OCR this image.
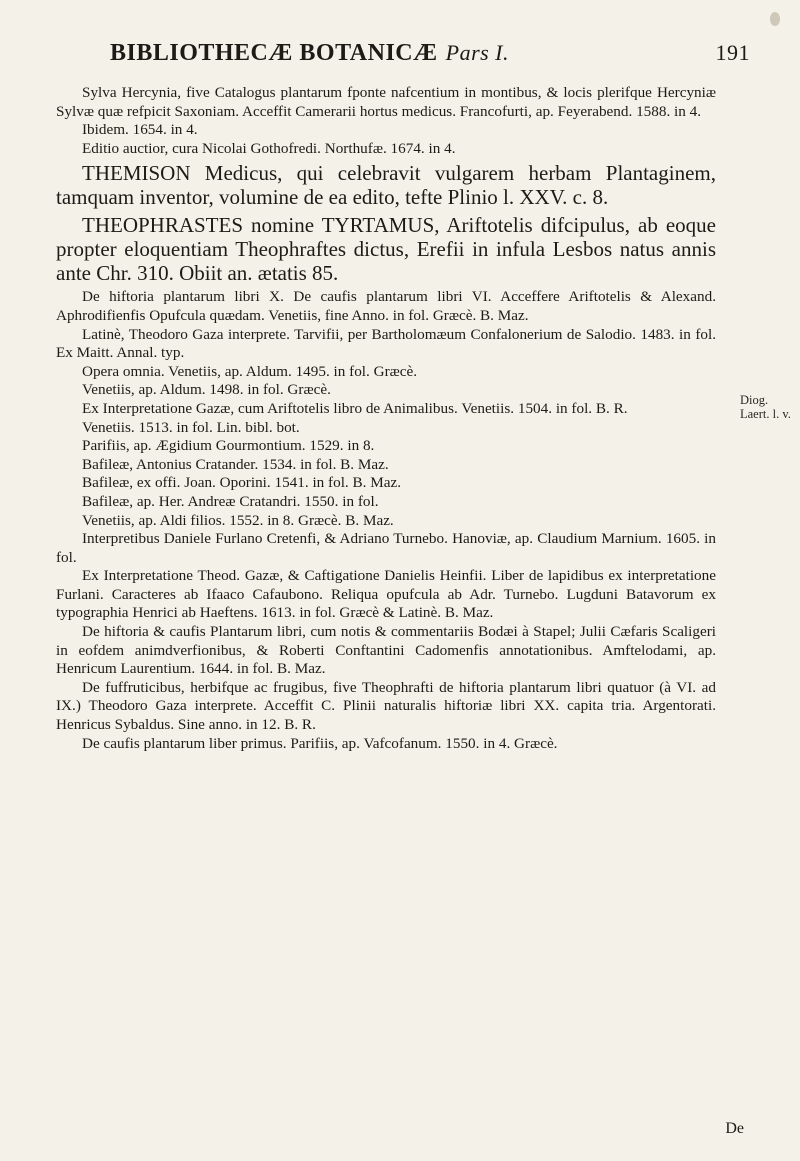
BIBLIOTHECÆ BOTANICÆ Pars I.	191

Sylva Hercynia, five Catalogus plantarum fponte nafcentium in montibus, & locis plerifque Hercyniæ Sylvæ quæ refpicit Saxoniam. Acceffit Camerarii hortus medicus. Francofurti, ap. Feyerabend. 1588. in 4.

Ibidem. 1654. in 4.

Editio auctior, cura Nicolai Gothofredi. Northufæ. 1674. in 4.

THEMISON Medicus, qui celebravit vulgarem herbam Plantaginem, tamquam inventor, volumine de ea edito, tefte Plinio l. XXV. c. 8.

THEOPHRASTES nomine TYRTAMUS, Ariftotelis difcipulus, ab eoque propter eloquentiam Theophraftes dictus, Erefii in infula Lesbos natus annis ante Chr. 310. Obiit an. ætatis 85.

De hiftoria plantarum libri X. De caufis plantarum libri VI. Acceffere Ariftotelis & Alexand. Aphrodifienfis Opufcula quædam. Venetiis, fine Anno. in fol. Græcè. B. Maz.

Latinè, Theodoro Gaza interprete. Tarvifii, per Bartholomæum Confalonerium de Salodio. 1483. in fol. Ex Maitt. Annal. typ.

Opera omnia. Venetiis, ap. Aldum. 1495. in fol. Græcè.

Venetiis, ap. Aldum. 1498. in fol. Græcè.

Ex Interpretatione Gazæ, cum Ariftotelis libro de Animalibus. Venetiis. 1504. in fol. B. R.

Venetiis. 1513. in fol. Lin. bibl. bot.

Parifiis, ap. Ægidium Gourmontium. 1529. in 8.

Bafileæ, Antonius Cratander. 1534. in fol. B. Maz.

Bafileæ, ex offi. Joan. Oporini. 1541. in fol. B. Maz.

Bafileæ, ap. Her. Andreæ Cratandri. 1550. in fol.

Venetiis, ap. Aldi filios. 1552. in 8. Græcè. B. Maz.

Interpretibus Daniele Furlano Cretenfi, & Adriano Turnebo. Hanoviæ, ap. Claudium Marnium. 1605. in fol.

Ex Interpretatione Theod. Gazæ, & Caftigatione Danielis Heinfii. Liber de lapidibus ex interpretatione Furlani. Caracteres ab Ifaaco Cafaubono. Reliqua opufcula ab Adr. Turnebo. Lugduni Batavorum ex typographia Henrici ab Haeftens. 1613. in fol. Græcè & Latinè. B. Maz.

De hiftoria & caufis Plantarum libri, cum notis & commentariis Bodæi à Stapel; Julii Cæfaris Scaligeri in eofdem animdverfionibus, & Roberti Conftantini Cadomenfis annotationibus. Amftelodami, ap. Henricum Laurentium. 1644. in fol. B. Maz.

De fuffruticibus, herbifque ac frugibus, five Theophrafti de hiftoria plantarum libri quatuor (à VI. ad IX.) Theodoro Gaza interprete. Acceffit C. Plinii naturalis hiftoriæ libri XX. capita tria. Argentorati. Henricus Sybaldus. Sine anno. in 12. B. R.

De caufis plantarum liber primus. Parifiis, ap. Vafcofanum. 1550. in 4. Græcè.

Diog. Laert. l. v.
De
